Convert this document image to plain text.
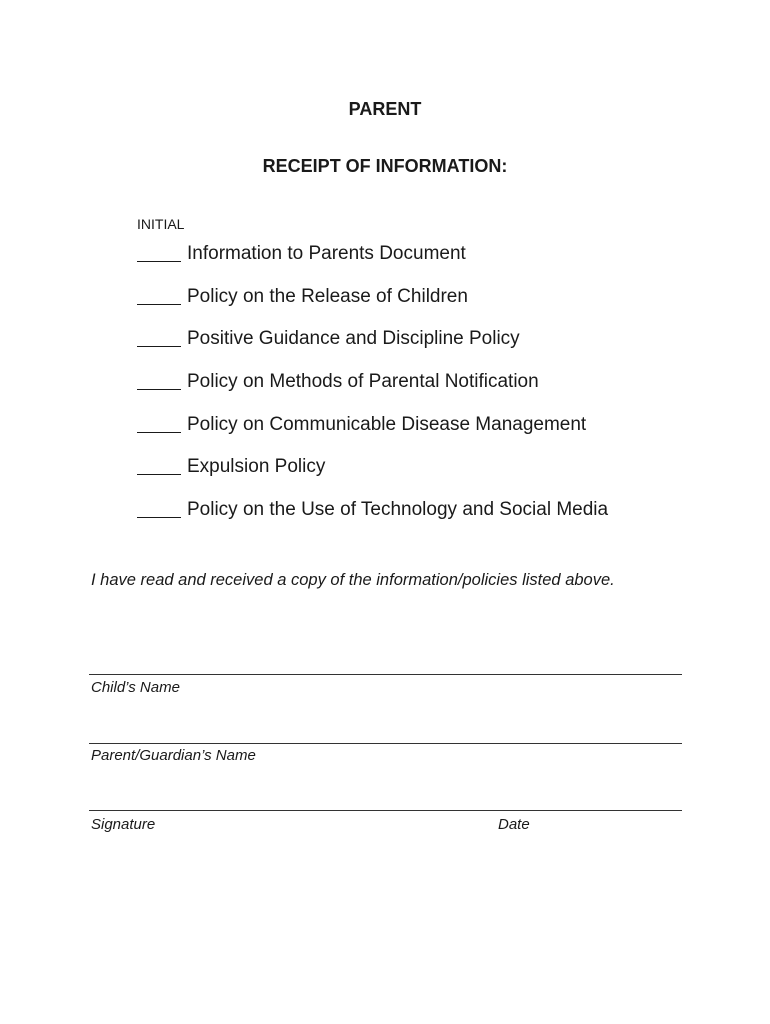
PARENT
RECEIPT OF INFORMATION:
INITIAL
Information to Parents Document
Policy on the Release of Children
Positive Guidance and Discipline Policy
Policy on Methods of Parental Notification
Policy on Communicable Disease Management
Expulsion Policy
Policy on the Use of Technology and Social Media
I have read and received a copy of the information/policies listed above.
Child’s Name
Parent/Guardian’s Name
Signature	Date
